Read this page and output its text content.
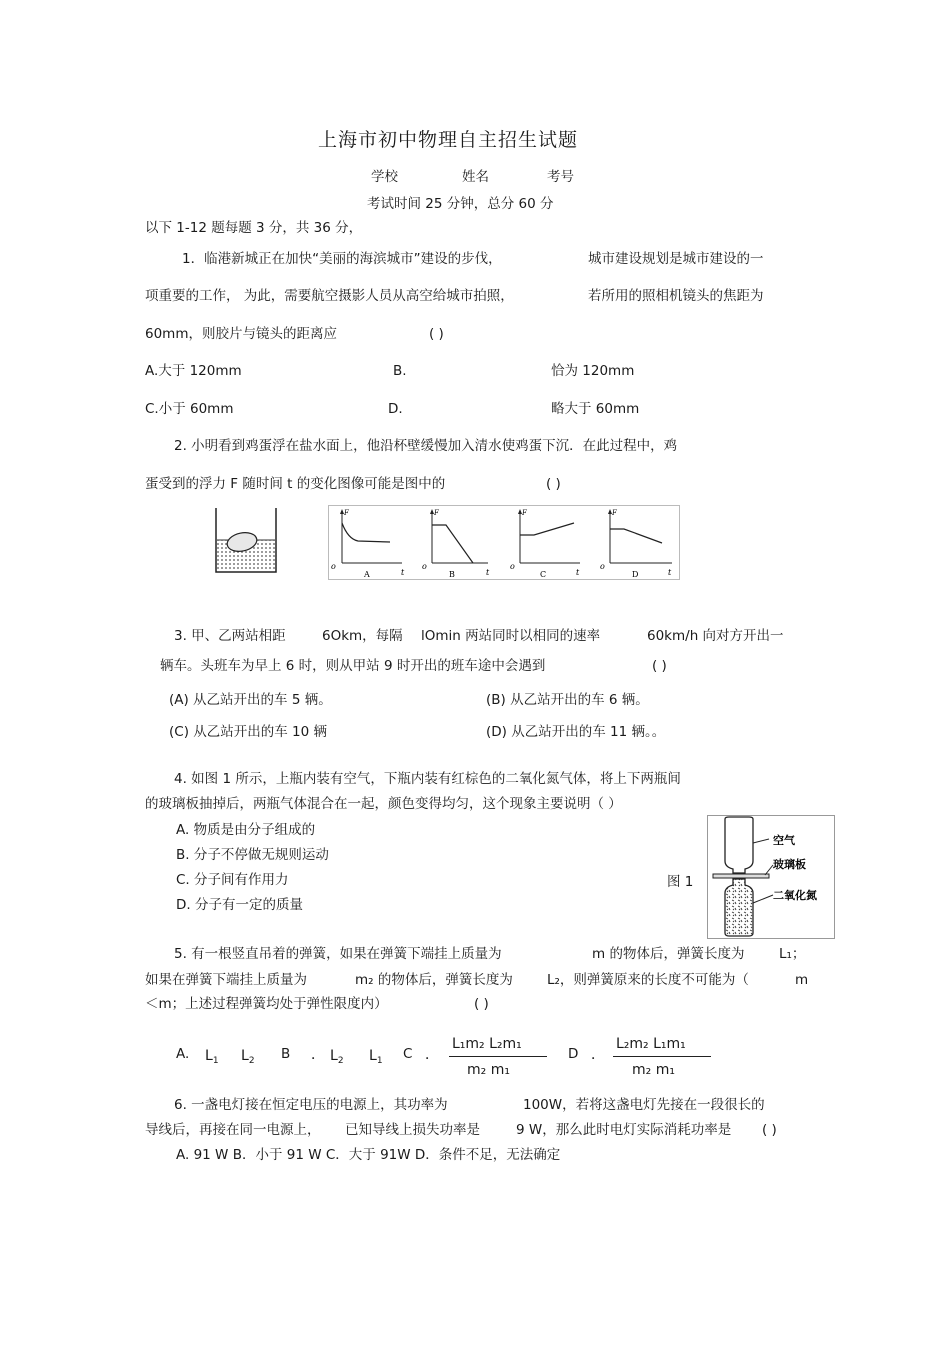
上海市初中物理自主招生试题
学校	姓名	考号
考试时间 25 分钟，总分 60 分
以下 1-12 题每题 3 分，共 36 分，
1．临港新城正在加快“美丽的海滨城市”建设的步伐，	城市建设规划是城市建设的一
项重要的工作， 为此，需要航空摄影人员从高空给城市拍照，	若所用的照相机镜头的焦距为
60mm，则胶片与镜头的距离应	( )
A.大于 120mm	B.	恰为 120mm
C.小于 60mm	D.	略大于 60mm
2. 小明看到鸡蛋浮在盐水面上，他沿杯壁缓慢加入清水使鸡蛋下沉．在此过程中，鸡
蛋受到的浮力 F 随时间 t 的变化图像可能是图中的	( )
F
o
t
A
F
o
t
B
F
o
t
C
F
o
t
D
3. 甲、乙两站相距	6Okm，每隔 lOmin 两站同时以相同的速率	60km/h 向对方开出一
辆车。头班车为早上 6 时，则从甲站 9 时开出的班车途中会遇到	( )
(A) 从乙站开出的车 5 辆。	(B) 从乙站开出的车 6 辆。
(C) 从乙站开出的车 10 辆	(D) 从乙站开出的车 11 辆。。
4. 如图 1 所示，上瓶内装有空气，下瓶内装有红棕色的二氧化氮气体，将上下两瓶间
的玻璃板抽掉后，两瓶气体混合在一起，颜色变得均匀，这个现象主要说明（ ）
A. 物质是由分子组成的
B. 分子不停做无规则运动
C. 分子间有作用力
D. 分子有一定的质量
图 1
空气
玻璃板
二氧化氮
5. 有一根竖直吊着的弹簧，如果在弹簧下端挂上质量为	m 的物体后，弹簧长度为	L₁；
如果在弹簧下端挂上质量为	m₂ 的物体后，弹簧长度为	L₂，则弹簧原来的长度不可能为（	m
＜m；上述过程弹簧均处于弹性限度内）	( )
A. $L_1$ $L_2$ B ． $L_2$ $L_1$ C ．
L₁m₂ L₂m₁
m₂ m₁
D ．
L₂m₂ L₁m₁
m₂ m₁
6. 一盏电灯接在恒定电压的电源上，其功率为	100W，若将这盏电灯先接在一段很长的
导线后，再接在同一电源上， 已知导线上损失功率是	9 W，那么此时电灯实际消耗功率是 ( )
A. 91 W B．小于 91 W C．大于 91W D．条件不足，无法确定
